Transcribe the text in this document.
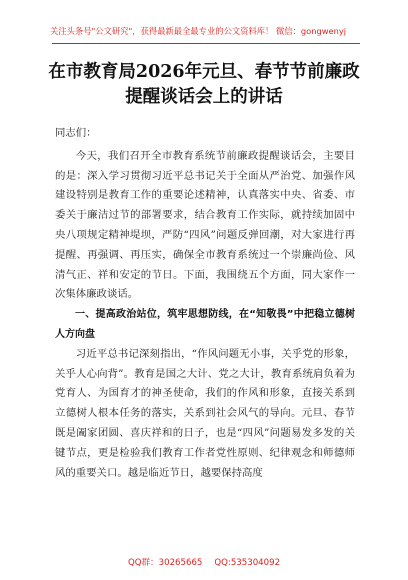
关注头条号"公文研究"，获得最新最全最专业的公文资料库！ 微信：gongwenyj
在市教育局2026年元旦、春节节前廉政提醒谈话会上的讲话

同志们：

今天，我们召开全市教育系统节前廉政提醒谈话会，主要目的是：深入学习贯彻习近平总书记关于全面从严治党、加强作风建设特别是教育工作的重要论述精神，认真落实中央、省委、市委关于廉洁过节的部署要求，结合教育工作实际，就持续加固中央八项规定精神堤坝，严防“四风”问题反弹回潮，对大家进行再提醒、再强调、再压实，确保全市教育系统过一个崇廉尚俭、风清气正、祥和安定的节日。下面，我围绕五个方面，同大家作一次集体廉政谈话。

一、提高政治站位，筑牢思想防线，在“知敬畏”中把稳立德树人方向盘

习近平总书记深刻指出，“作风问题无小事，关乎党的形象，关乎人心向背”。教育是国之大计、党之大计，教育系统肩负着为党育人、为国育才的神圣使命，我们的作风和形象，直接关系到立德树人根本任务的落实，关系到社会风气的导向。元旦、春节既是阖家团圆、喜庆祥和的日子，也是“四风”问题易发多发的关键节点，更是检验我们教育工作者党性原则、纪律观念和师德师风的重要关口。越是临近节日，越要保持高度

QQ群：30265665 QQ:535304092
